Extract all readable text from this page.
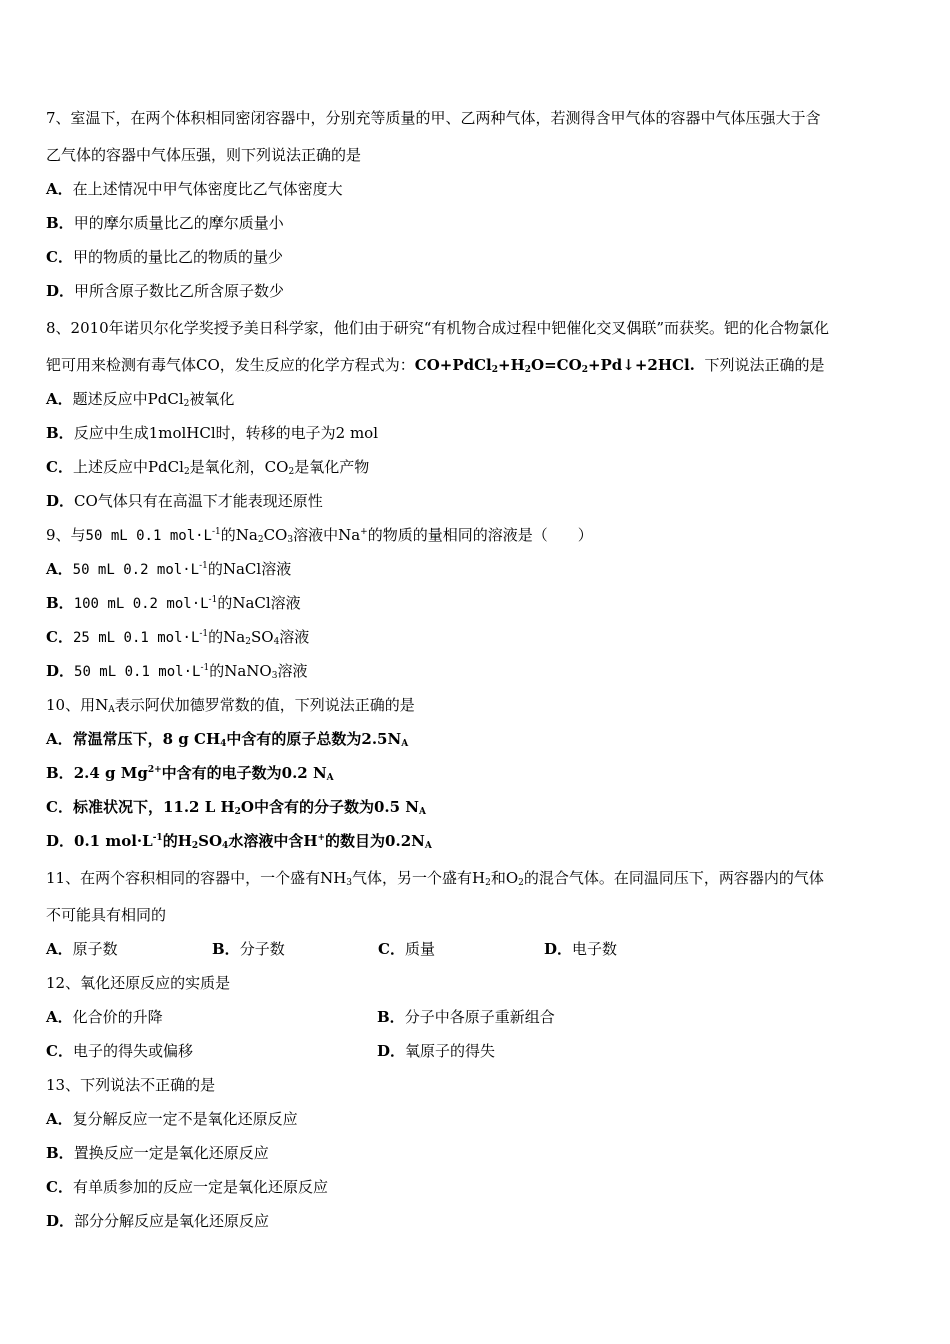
7、室温下，在两个体积相同密闭容器中，分别充等质量的甲、乙两种气体，若测得含甲气体的容器中气体压强大于含
乙气体的容器中气体压强，则下列说法正确的是
A．在上述情况中甲气体密度比乙气体密度大
B．甲的摩尔质量比乙的摩尔质量小
C．甲的物质的量比乙的物质的量少
D．甲所含原子数比乙所含原子数少
8、2010年诺贝尔化学奖授予美日科学家，他们由于研究“有机物合成过程中钯催化交叉偶联”而获奖。钯的化合物氯化
钯可用来检测有毒气体CO，发生反应的化学方程式为：$CO+PdCl_2+H_2O=CO_2+Pd↓+2HCl$. 下列说法正确的是
A．题述反应中PdCl$_2$被氧化
B．反应中生成1molHCl时，转移的电子为2 mol
C．上述反应中PdCl$_2$是氧化剂，$CO_2$是氧化产物
D．CO气体只有在高温下才能表现还原性
9、与50 mL 0.1 $mol\cdot L^{-1}$的$Na_2CO_3$溶液中Na+的物质的量相同的溶液是（　　）
A．50 mL 0.2 $mol\cdot L^{-1}$的NaCl溶液
B．100 mL 0.2 $mol\cdot L^{-1}$的NaCl溶液
C．25 mL 0.1 $mol\cdot L^{-1}$的$Na_2SO_4$溶液
D．50 mL 0.1 $mol\cdot L^{-1}$的NaNO$_3$溶液
10、用$N_A$表示阿伏加德罗常数的值，下列说法正确的是
A．常温常压下，8 g $CH_4$中含有的原子总数为$2.5N_A$
B．2.4 g $Mg^{2+}$中含有的电子数为0.2 $N_A$
C．标准状况下，11.2 L $H_2O$中含有的分子数为0.5 $N_A$
D．0.1 $mol\cdot L^{-1}$的$H_2SO_4$水溶液中含H+的数目为$0.2N_A$
11、在两个容积相同的容器中，一个盛有$NH_3$气体，另一个盛有$H_2$和$O_2$的混合气体。在同温同压下，两容器内的气体
不可能具有相同的
A．原子数	B．分子数	C．质量	D．电子数
12、氧化还原反应的实质是
A．化合价的升降	B．分子中各原子重新组合
C．电子的得失或偏移	D．氧原子的得失
13、下列说法不正确的是
A．复分解反应一定不是氧化还原反应
B．置换反应一定是氧化还原反应
C．有单质参加的反应一定是氧化还原反应
D．部分分解反应是氧化还原反应
